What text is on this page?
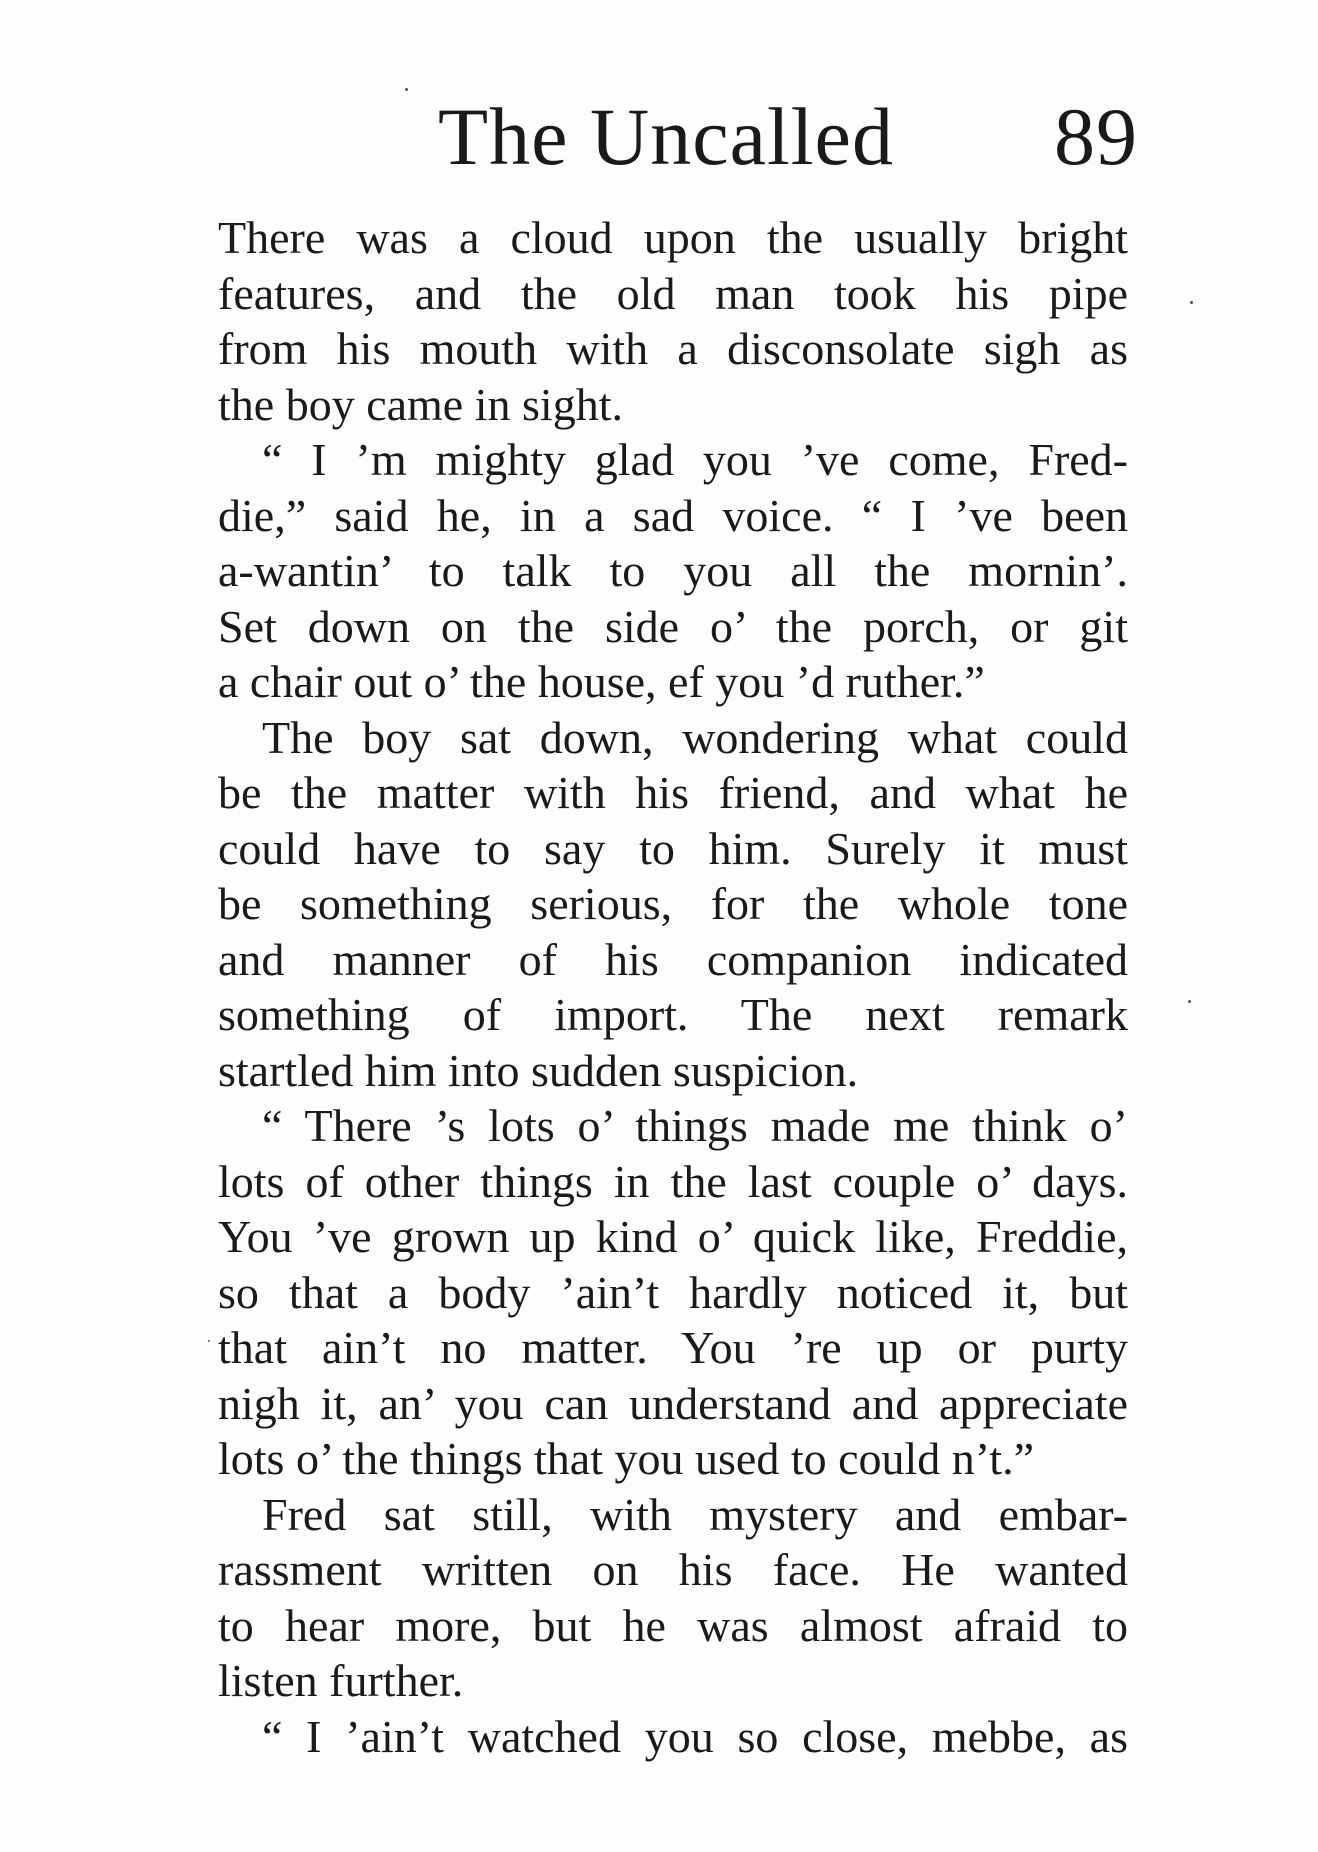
The Uncalled 89
There was a cloud upon the usually bright
features, and the old man took his pipe
from his mouth with a disconsolate sigh as
the boy came in sight.
“ I ’m mighty glad you ’ve come, Fred-
die,” said he, in a sad voice. “ I ’ve been
a-wantin’ to talk to you all the mornin’.
Set down on the side o’ the porch, or git
a chair out o’ the house, ef you ’d ruther.”
The boy sat down, wondering what could
be the matter with his friend, and what he
could have to say to him. Surely it must
be something serious, for the whole tone
and manner of his companion indicated
something of import. The next remark
startled him into sudden suspicion.
“ There ’s lots o’ things made me think o’
lots of other things in the last couple o’ days.
You ’ve grown up kind o’ quick like, Freddie,
so that a body ’ain’t hardly noticed it, but
that ain’t no matter. You ’re up or purty
nigh it, an’ you can understand and appreciate
lots o’ the things that you used to could n’t.”
Fred sat still, with mystery and embar-
rassment written on his face. He wanted
to hear more, but he was almost afraid to
listen further.
“ I ’ain’t watched you so close, mebbe, as
